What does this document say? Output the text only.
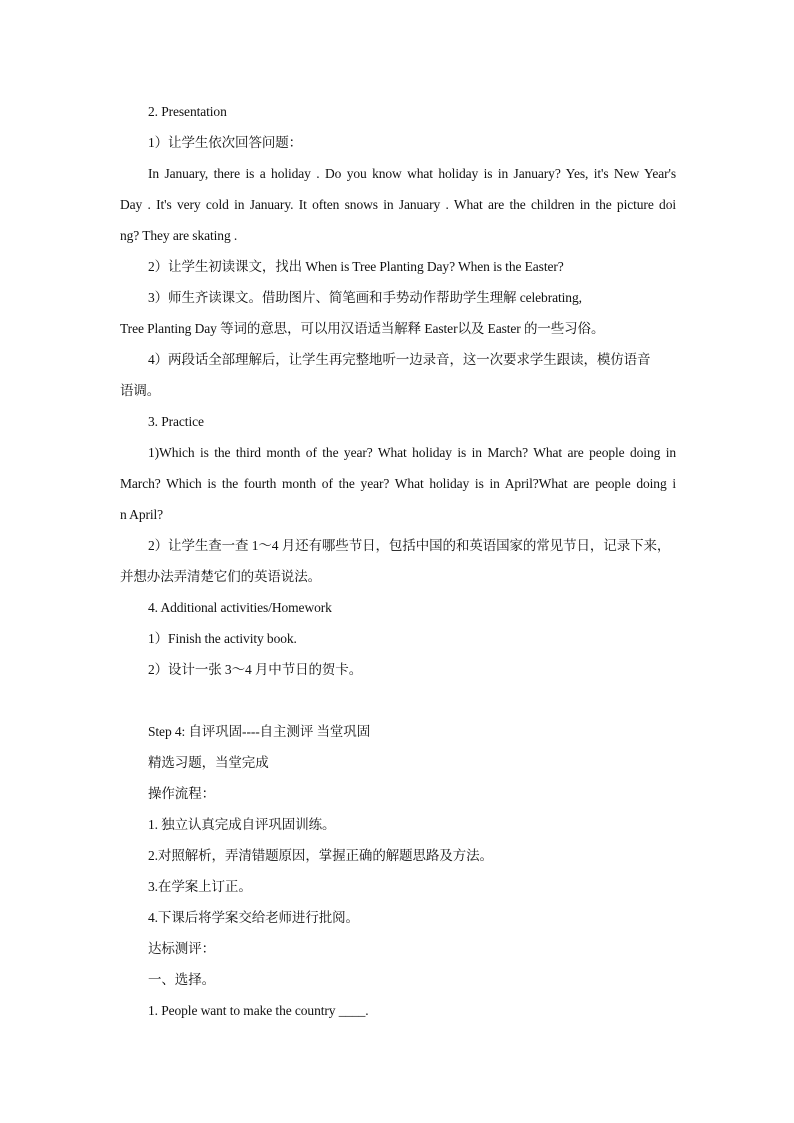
2. Presentation
1）让学生依次回答问题：
In January, there is a holiday . Do you know what holiday is in January? Yes, it's New Year's
Day . It's very cold in January. It often snows in January . What are the children in the picture doi
ng? They are skating .
2）让学生初读课文，找出 When is Tree Planting Day? When is the Easter?
3）师生齐读课文。借助图片、简笔画和手势动作帮助学生理解 celebrating,
Tree Planting Day 等词的意思，可以用汉语适当解释 Easter以及 Easter 的一些习俗。
4）两段话全部理解后，让学生再完整地听一边录音，这一次要求学生跟读，模仿语音
语调。
3. Practice
1)Which is the third month of the year? What holiday is in March? What are people doing in
March? Which is the fourth month of the year? What holiday is in April?What are people doing i
n April?
2）让学生查一查 1～4 月还有哪些节日，包括中国的和英语国家的常见节日，记录下来，
并想办法弄清楚它们的英语说法。
4. Additional activities/Homework
1）Finish the activity book.
2）设计一张 3～4 月中节日的贺卡。
Step 4: 自评巩固----自主测评 当堂巩固
精选习题，当堂完成
操作流程：
1. 独立认真完成自评巩固训练。
2.对照解析，弄清错题原因，掌握正确的解题思路及方法。
3.在学案上订正。
4.下课后将学案交给老师进行批阅。
达标测评：
一、选择。
1. People want to make the country ____.
